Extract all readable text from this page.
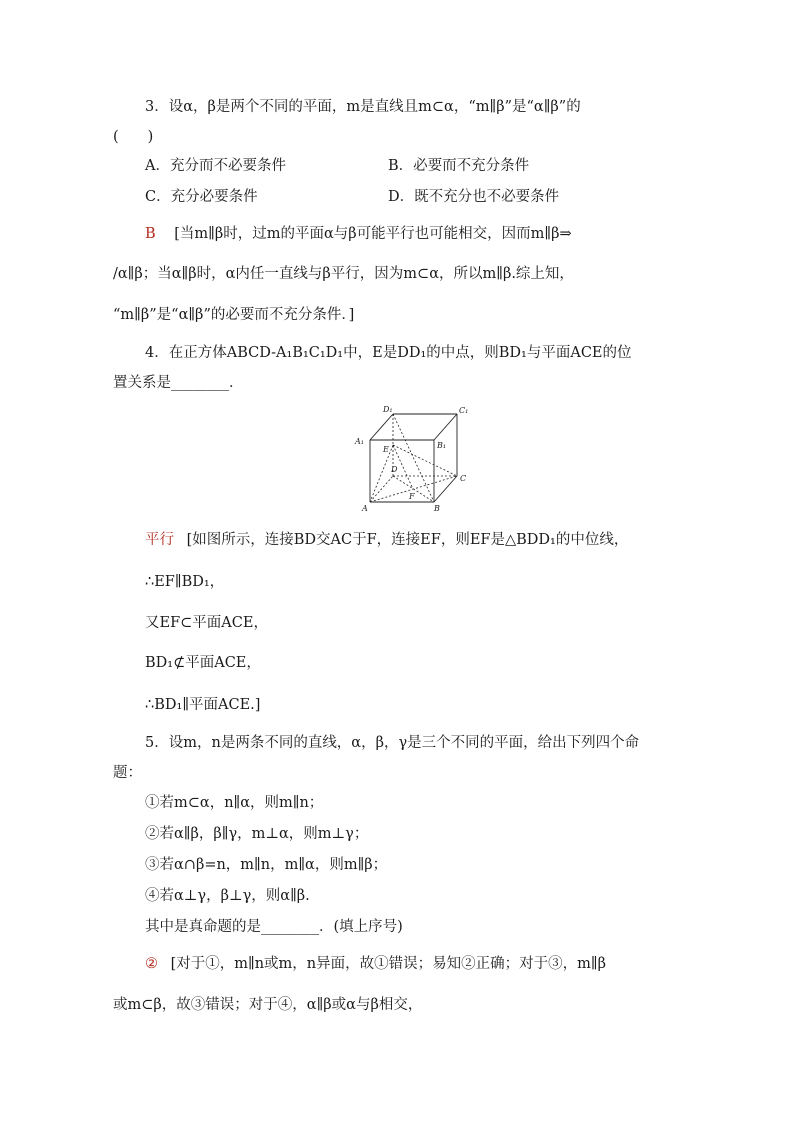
3．设α，β是两个不同的平面，m是直线且m⊂α，“m∥β”是“α∥β”的
(　　)
A．充分而不必要条件	B．必要而不充分条件
C．充分必要条件	D．既不充分也不必要条件
B [当m∥β时，过m的平面α与β可能平行也可能相交，因而m∥β⇒
/α∥β；当α∥β时，α内任一直线与β平行，因为m⊂α，所以m∥β.综上知，
“m∥β”是“α∥β”的必要而不充分条件．]
4．在正方体ABCD-A₁B₁C₁D₁中，E是DD₁的中点，则BD₁与平面ACE的位
置关系是________．
D₁	C₁
A₁	B₁
E
D
C
F
A	B
平行 [如图所示，连接BD交AC于F，连接EF，则EF是△BDD₁的中位线，
∴EF∥BD₁，
又EF⊂平面ACE，
BD₁⊄平面ACE，
∴BD₁∥平面ACE.]
5．设m，n是两条不同的直线，α，β，γ是三个不同的平面，给出下列四个命
题：
①若m⊂α，n∥α，则m∥n；
②若α∥β，β∥γ，m⊥α，则m⊥γ；
③若α∩β=n，m∥n，m∥α，则m∥β；
④若α⊥γ，β⊥γ，则α∥β.
其中是真命题的是________．(填上序号)
② [对于①，m∥n或m，n异面，故①错误；易知②正确；对于③，m∥β
或m⊂β，故③错误；对于④，α∥β或α与β相交，
